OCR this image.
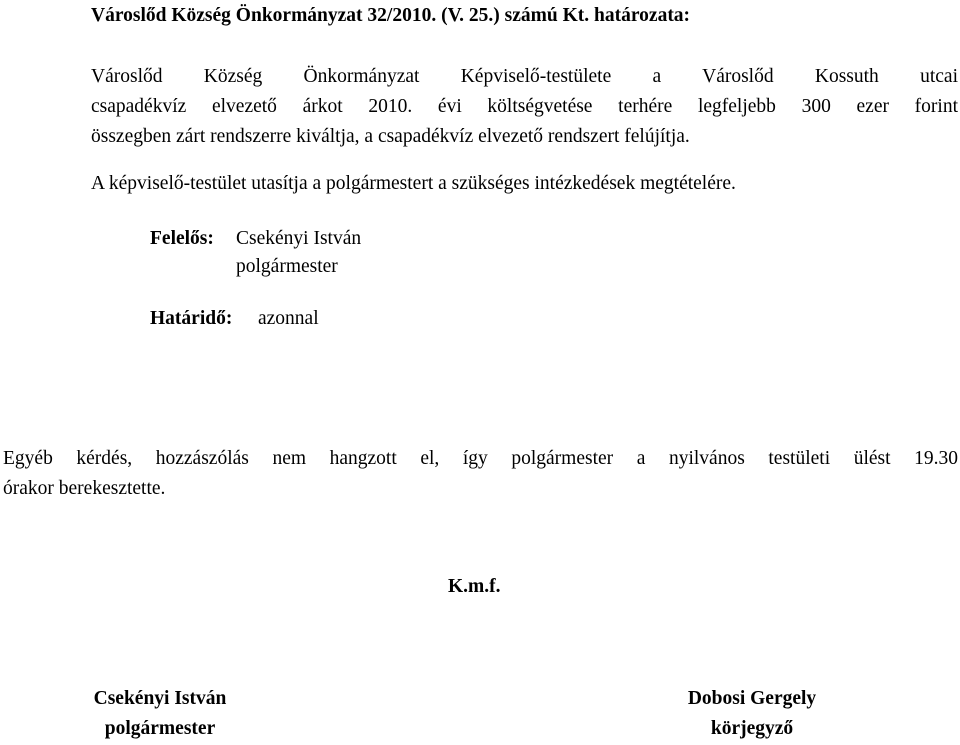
Városlőd Község Önkormányzat 32/2010. (V. 25.) számú Kt. határozata:
Városlőd Község Önkormányzat Képviselő-testülete a Városlőd Kossuth utcai
csapadékvíz elvezető árkot 2010. évi költségvetése terhére legfeljebb 300 ezer forint
összegben zárt rendszerre kiváltja, a csapadékvíz elvezető rendszert felújítja.
A képviselő-testület utasítja a polgármestert a szükséges intézkedések megtételére.
Felelős: Csekényi István
polgármester
Határidő: azonnal
Egyéb kérdés, hozzászólás nem hangzott el, így polgármester a nyilvános testületi ülést 19.30
órakor berekesztette.
K.m.f.
Csekényi István
polgármester
Dobosi Gergely
körjegyző
